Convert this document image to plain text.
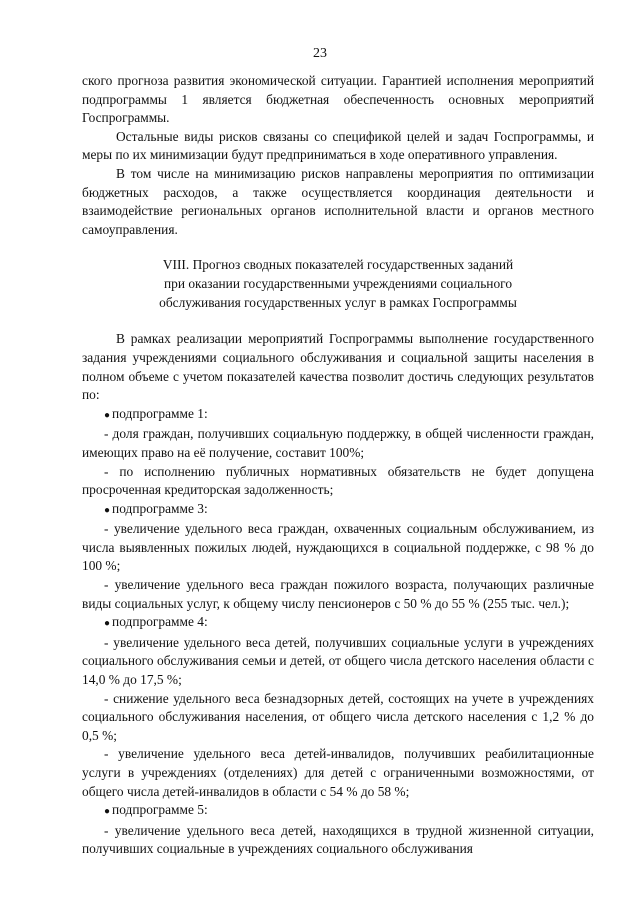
23

ского прогноза развития экономической ситуации. Гарантией исполнения мероприятий подпрограммы 1 является бюджетная обеспеченность основных мероприятий Госпрограммы.

Остальные виды рисков связаны со спецификой целей и задач Госпрограммы, и меры по их минимизации будут предприниматься в ходе оперативного управления.

В том числе на минимизацию рисков направлены мероприятия по оптимизации бюджетных расходов, а также осуществляется координация деятельности и взаимодействие региональных органов исполнительной власти и органов местного самоуправления.

VIII. Прогноз сводных показателей государственных заданий
при оказании государственными учреждениями социального
обслуживания государственных услуг в рамках Госпрограммы

В рамках реализации мероприятий Госпрограммы выполнение государственного задания учреждениями социального обслуживания и социальной защиты населения в полном объеме с учетом показателей качества позволит достичь следующих результатов по:

● подпрограмме 1:

- доля граждан, получивших социальную поддержку, в общей численности граждан, имеющих право на её получение, составит 100%;

- по исполнению публичных нормативных обязательств не будет допущена просроченная кредиторская задолженность;

● подпрограмме 3:

- увеличение удельного веса граждан, охваченных социальным обслуживанием, из числа выявленных пожилых людей, нуждающихся в социальной поддержке, с 98 % до 100 %;

- увеличение удельного веса граждан пожилого возраста, получающих различные виды социальных услуг, к общему числу пенсионеров с 50 % до 55 % (255 тыс. чел.);

● подпрограмме 4:

- увеличение удельного веса детей, получивших социальные услуги в учреждениях социального обслуживания семьи и детей, от общего числа детского населения области с 14,0 % до 17,5 %;

- снижение удельного веса безнадзорных детей, состоящих на учете в учреждениях социального обслуживания населения, от общего числа детского населения с 1,2 % до 0,5 %;

- увеличение удельного веса детей-инвалидов, получивших реабилитационные услуги в учреждениях (отделениях) для детей с ограниченными возможностями, от общего числа детей-инвалидов в области с 54 % до 58 %;

● подпрограмме 5:

- увеличение удельного веса детей, находящихся в трудной жизненной ситуации, получивших социальные в учреждениях социального обслуживания
